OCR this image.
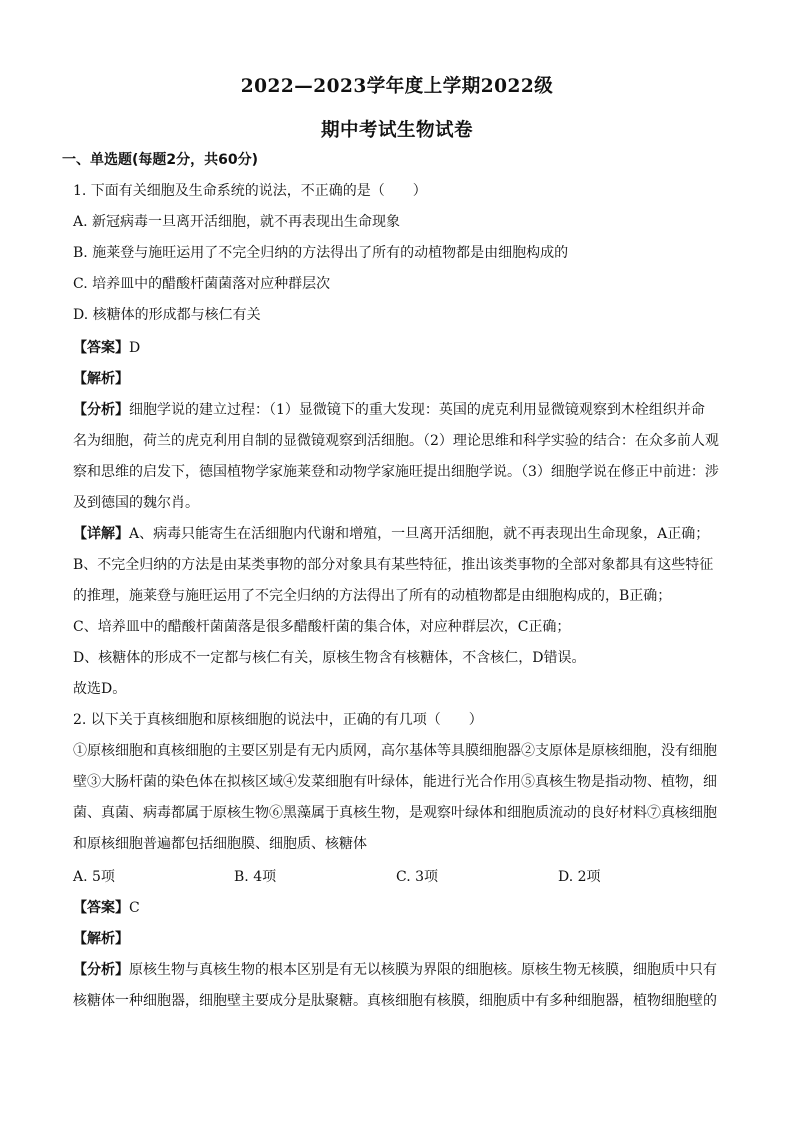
2022—2023学年度上学期2022级
期中考试生物试卷
一、单选题(每题2分，共60分)
1. 下面有关细胞及生命系统的说法，不正确的是（　　）
A. 新冠病毒一旦离开活细胞，就不再表现出生命现象
B. 施莱登与施旺运用了不完全归纳的方法得出了所有的动植物都是由细胞构成的
C. 培养皿中的醋酸杆菌菌落对应种群层次
D. 核糖体的形成都与核仁有关
【答案】D
【解析】
【分析】细胞学说的建立过程：（1）显微镜下的重大发现：英国的虎克利用显微镜观察到木栓组织并命
名为细胞，荷兰的虎克利用自制的显微镜观察到活细胞。（2）理论思维和科学实验的结合：在众多前人观
察和思维的启发下，德国植物学家施莱登和动物学家施旺提出细胞学说。（3）细胞学说在修正中前进：涉
及到德国的魏尔肖。
【详解】A、病毒只能寄生在活细胞内代谢和增殖，一旦离开活细胞，就不再表现出生命现象，A正确；
B、不完全归纳的方法是由某类事物的部分对象具有某些特征，推出该类事物的全部对象都具有这些特征
的推理，施莱登与施旺运用了不完全归纳的方法得出了所有的动植物都是由细胞构成的，B正确；
C、培养皿中的醋酸杆菌菌落是很多醋酸杆菌的集合体，对应种群层次，C正确；
D、核糖体的形成不一定都与核仁有关，原核生物含有核糖体，不含核仁，D错误。
故选D。
2. 以下关于真核细胞和原核细胞的说法中，正确的有几项（　　）
①原核细胞和真核细胞的主要区别是有无内质网，高尔基体等具膜细胞器②支原体是原核细胞，没有细胞
壁③大肠杆菌的染色体在拟核区域④发菜细胞有叶绿体，能进行光合作用⑤真核生物是指动物、植物，细
菌、真菌、病毒都属于原核生物⑥黑藻属于真核生物，是观察叶绿体和细胞质流动的良好材料⑦真核细胞
和原核细胞普遍都包括细胞膜、细胞质、核糖体
A. 5项	B. 4项	C. 3项	D. 2项
【答案】C
【解析】
【分析】原核生物与真核生物的根本区别是有无以核膜为界限的细胞核。原核生物无核膜，细胞质中只有
核糖体一种细胞器，细胞壁主要成分是肽聚糖。真核细胞有核膜，细胞质中有多种细胞器，植物细胞壁的
